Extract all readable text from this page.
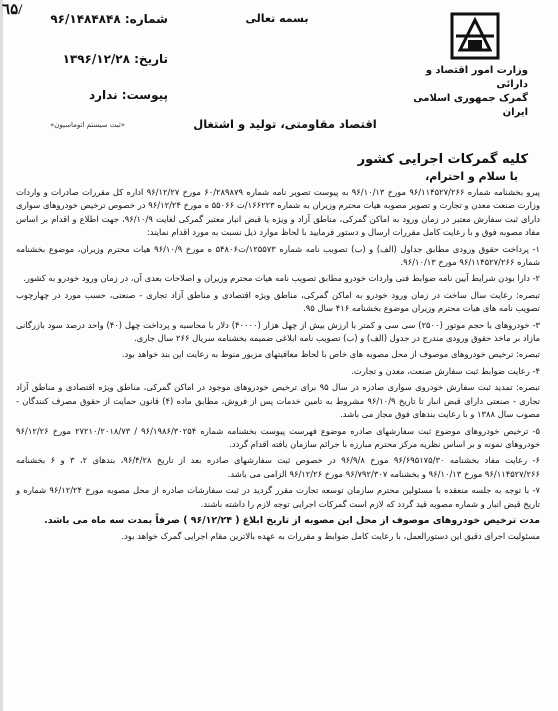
٦۵/
بسمه تعالی
شماره: ۹۶/۱۴۸۴۸۴۸
تاریخ: ۱۳۹۶/۱۲/۲۸
پیوست: ندارد
وزارت امور اقتصاد و دارائی
گمرک جمهوری اسلامی ایران
«ثبت سیستم اتوماسیون»	اقتصاد مقاومتی، تولید و اشتغال
کلیه گمرکات اجرایی کشور
با سلام و احترام،

پیرو بخشنامه شماره ۹۶/۱۱۴۵۲۷/۲۶۶ مورخ ۹۶/۱۰/۱۳ به پیوست تصویر نامه شماره ۶۰/۲۸۹۸۷۹ مورخ ۹۶/۱۲/۲۷ اداره کل مقررات صادرات و واردات وزارت صنعت معدن و تجارت و تصویر مصوبه هیات محترم وزیران به شماره ۱۶۶۲۲۳/ت ۵۵۰۶۶ ه مورخ ۹۶/۱۲/۲۴ در خصوص ترخیص خودروهای سواری دارای ثبت سفارش معتبر در زمان ورود به اماکن گمرکی، مناطق آزاد و ویژه یا قبض انبار معتبر گمرکی لغایت ۹۶/۱۰/۹، جهت اطلاع و اقدام بر اساس مفاد مصوبه فوق و با رعایت کامل مقررات ارسال و دستور فرمایید با لحاظ موارد ذیل نسبت به مورد اقدام نمایند:

۱- پرداخت حقوق ورودی مطابق جداول (الف) و (ب) تصویب نامه شماره ۱۲۵۵۷۳/ت۵۴۸۰۶ ه مورخ ۹۶/۱۰/۹ هیات محترم وزیران، موضوع بخشنامه شماره ۹۶/۱۱۴۵۲۷/۲۶۶ مورخ ۹۶/۱۰/۱۳.

۲- دارا بودن شرایط آیین نامه ضوابط فنی واردات خودرو مطابق تصویب نامه هیات محترم وزیران و اصلاحات بعدی آن، در زمان ورود خودرو به کشور.

تبصره: رعایت سال ساخت در زمان ورود خودرو به اماکن گمرکی، مناطق ویژه اقتصادی و مناطق آزاد تجاری - صنعتی، حسب مورد در چهارچوب تصویب نامه های هیات محترم وزیران موضوع بخشنامه ۴۱۶ سال ۹۵.

۳- خودروهای با حجم موتور (۲۵۰۰) سی سی و کمتر با ارزش بیش از چهل هزار (۴۰۰۰۰) دلار با محاسبه و پرداخت چهل (۴۰) واحد درصد سود بازرگانی مازاد بر ماخذ حقوق ورودی مندرج در جدول (الف) و (ب) تصویب نامه ابلاغی ضمیمه بخشنامه سریال ۲۶۶ سال جاری.

تبصره: ترخیص خودروهای موصوف از محل مصوبه های خاص با لحاظ معافیتهای مزبور منوط به رعایت این بند خواهد بود.

۴- رعایت ضوابط ثبت سفارش صنعت، معدن و تجارت.

تبصره: تمدید ثبت سفارش خودروی سواری صادره در سال ۹۵ برای ترخیص خودروهای موجود در اماکن گمرکی، مناطق ویژه اقتصادی و مناطق آزاد تجاری - صنعتی دارای قبض انبار تا تاریخ ۹۶/۱۰/۹ مشروط به تامین خدمات پس از فروش، مطابق ماده (۴) قانون حمایت از حقوق مصرف کنندگان - مصوب سال ۱۳۸۸ و با رعایت بندهای فوق مجاز می باشد.

۵- ترخیص خودروهای موضوع ثبت سفارشهای صادره موضوع فهرست پیوست بخشنامه شماره ۹۶/۱۹۸۶/۳۰۲۵۴ / ۲۷۲۱۰/۲۰۱۸/۷۳ مورخ ۹۶/۱۲/۲۶ خودروهای نمونه و بر اساس نظریه مرکز محترم مبارزه با جرائم سازمان یافته اقدام گردد.

۶- رعایت مفاد بخشنامه ۹۶/۶۹۵۱۷۵/۳۰ مورخ ۹۶/۹/۸ در خصوص ثبت سفارشهای صادره بعد از تاریخ ۹۶/۴/۲۸، بندهای ۲، ۳ و ۶ بخشنامه ۹۶/۱۱۴۵۲۷/۲۶۶ مورخ ۹۶/۱۰/۱۳ و بخشنامه ۹۶/۷۹۲/۳۰۷ مورخ ۹۶/۱۲/۲۶ الزامی می باشد.

۷- با توجه به جلسه منعقده با مسئولین محترم سازمان توسعه تجارت مقرر گردید در ثبت سفارشات صادره از محل مصوبه مورخ ۹۶/۱۲/۲۴ شماره و تاریخ قبض انبار و شماره مصوبه قید گردد که لازم است گمرکات اجرایی توجه لازم را داشته باشند.

مدت ترخیص خودروهای موصوف از محل این مصوبه از تاریخ ابلاغ ( ۹۶/۱۲/۲۴ ) صرفاً بمدت سه ماه می باشد.

مسئولیت اجرای دقیق این دستورالعمل، با رعایت کامل ضوابط و مقررات به عهده بالاترین مقام اجرایی گمرک خواهد بود.
